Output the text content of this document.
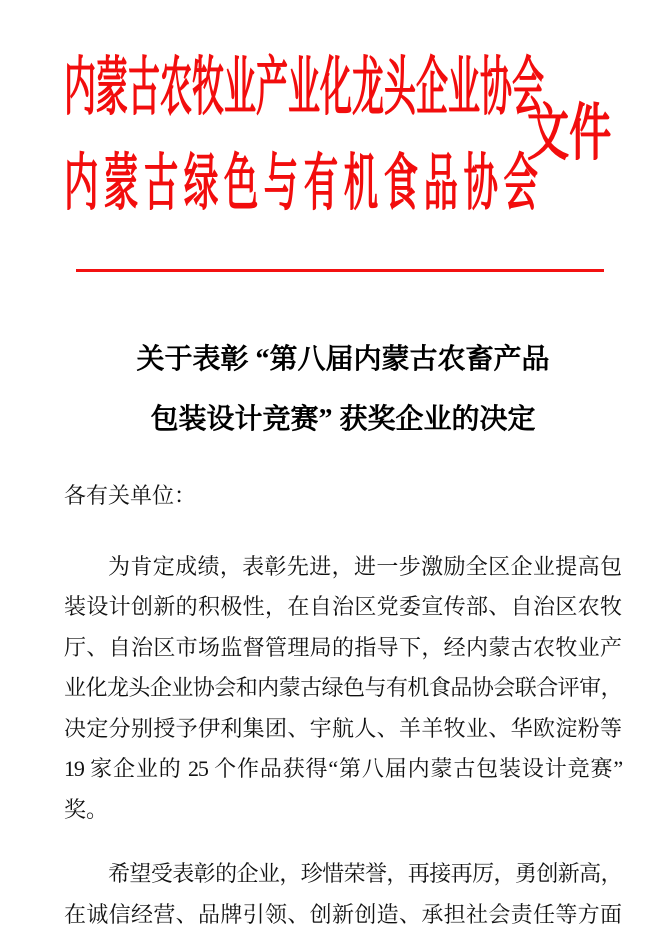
内蒙古农牧业产业化龙头企业协会
文件
内蒙古绿色与有机食品协会
关于表彰 “第八届内蒙古农畜产品
包装设计竞赛” 获奖企业的决定
各有关单位：
为肯定成绩，表彰先进，进一步激励全区企业提高包
装设计创新的积极性，在自治区党委宣传部、自治区农牧
厅、自治区市场监督管理局的指导下，经内蒙古农牧业产
业化龙头企业协会和内蒙古绿色与有机食品协会联合评审，
决定分别授予伊利集团、宇航人、羊羊牧业、华欧淀粉等
19 家企业的 25 个作品获得“第八届内蒙古包装设计竞赛”
奖。
希望受表彰的企业，珍惜荣誉，再接再厉，勇创新高，
在诚信经营、品牌引领、创新创造、承担社会责任等方面
